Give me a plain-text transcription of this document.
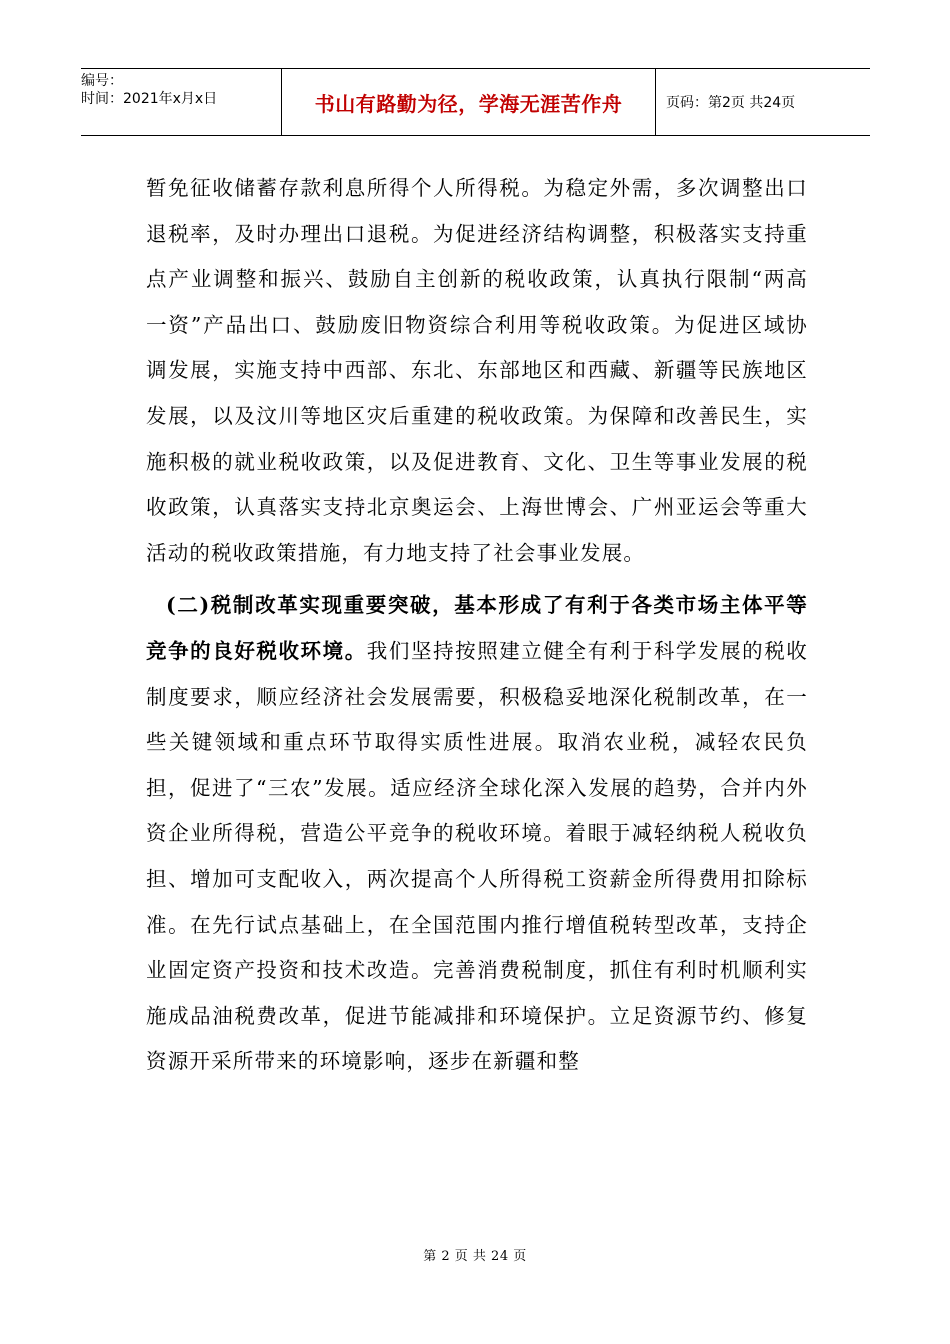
编号：
时间：2021年x月x日	书山有路勤为径，学海无涯苦作舟	页码：第2页 共24页

暂免征收储蓄存款利息所得个人所得税。为稳定外需，多次调整出口退税率，及时办理出口退税。为促进经济结构调整，积极落实支持重点产业调整和振兴、鼓励自主创新的税收政策，认真执行限制“两高一资”产品出口、鼓励废旧物资综合利用等税收政策。为促进区域协调发展，实施支持中西部、东北、东部地区和西藏、新疆等民族地区发展，以及汶川等地区灾后重建的税收政策。为保障和改善民生，实施积极的就业税收政策，以及促进教育、文化、卫生等事业发展的税收政策，认真落实支持北京奥运会、上海世博会、广州亚运会等重大活动的税收政策措施，有力地支持了社会事业发展。

(二)税制改革实现重要突破，基本形成了有利于各类市场主体平等竞争的良好税收环境。我们坚持按照建立健全有利于科学发展的税收制度要求，顺应经济社会发展需要，积极稳妥地深化税制改革，在一些关键领域和重点环节取得实质性进展。取消农业税，减轻农民负担，促进了“三农”发展。适应经济全球化深入发展的趋势，合并内外资企业所得税，营造公平竞争的税收环境。着眼于减轻纳税人税收负担、增加可支配收入，两次提高个人所得税工资薪金所得费用扣除标准。在先行试点基础上，在全国范围内推行增值税转型改革，支持企业固定资产投资和技术改造。完善消费税制度，抓住有利时机顺利实施成品油税费改革，促进节能减排和环境保护。立足资源节约、修复资源开采所带来的环境影响，逐步在新疆和整

第 2 页 共 24 页
